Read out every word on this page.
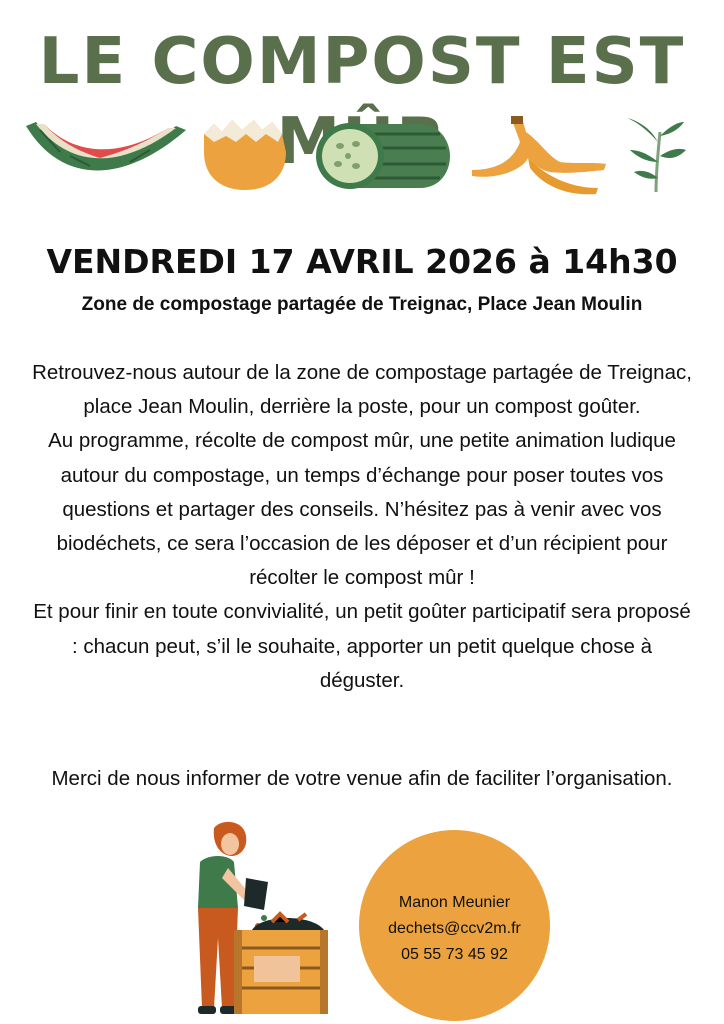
LE COMPOST EST
VENDREDI 17 AVRIL 2026 à 14h30

Zone de compostage partagée de Treignac, Place Jean Moulin

Retrouvez-nous autour de la zone de compostage partagée de Treignac, place Jean Moulin, derrière la poste, pour un compost goûter.

Au programme, récolte de compost mûr, une petite animation ludique autour du compostage, un temps d’échange pour poser toutes vos questions et partager des conseils. N’hésitez pas à venir avec vos biodéchets, ce sera l’occasion de les déposer et d’un récipient pour récolter le compost mûr !

Et pour finir en toute convivialité, un petit goûter participatif sera proposé : chacun peut, s’il le souhaite, apporter un petit quelque chose à déguster.

Merci de nous informer de votre venue afin de faciliter l’organisation.

Manon Meunier
dechets@ccv2m.fr
05 55 73 45 92
